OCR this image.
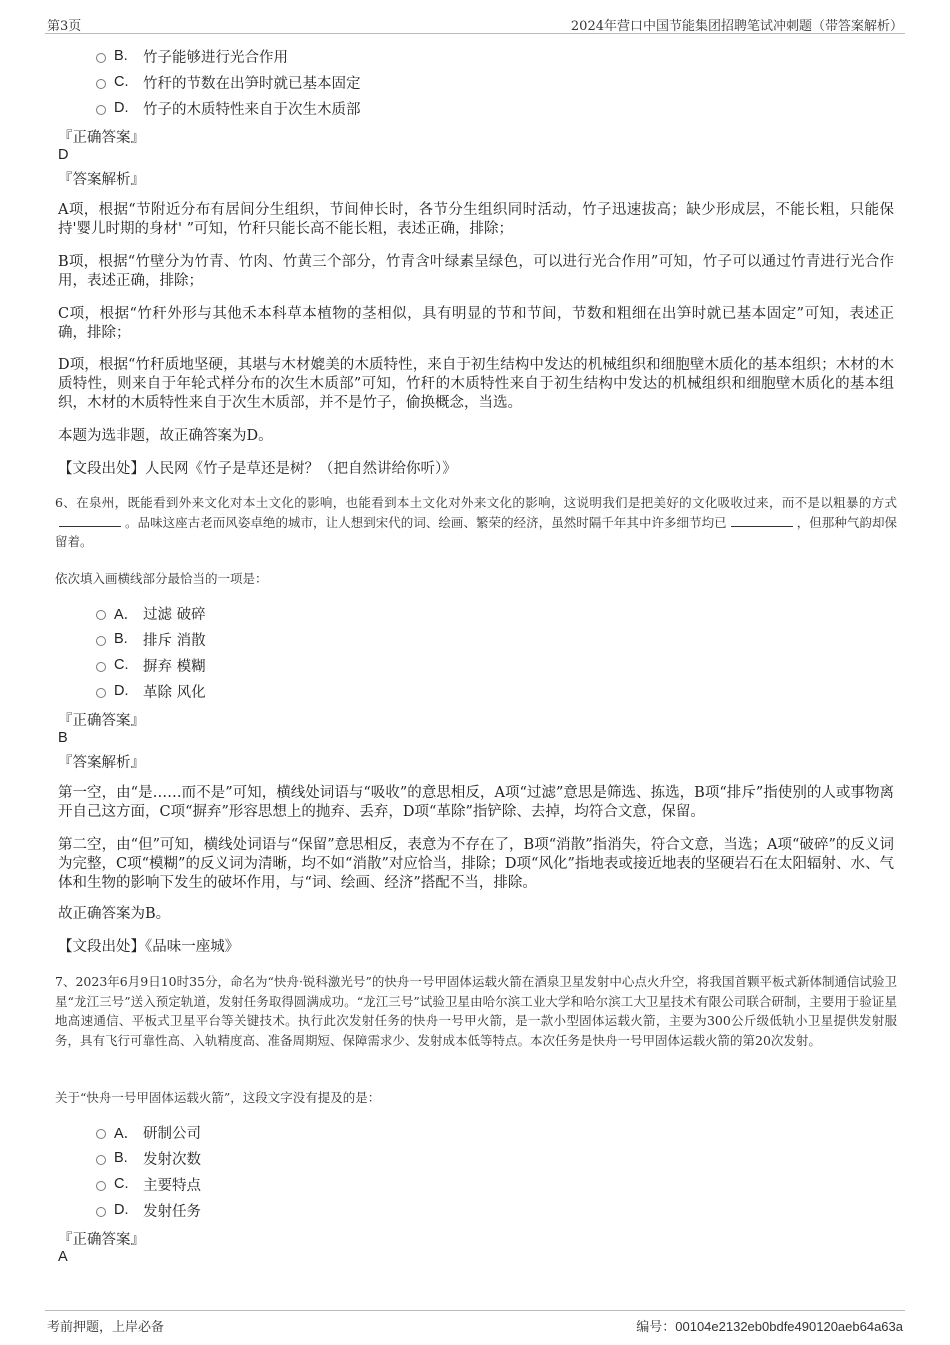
第3页	2024年营口中国节能集团招聘笔试冲刺题（带答案解析）
B.	竹子能够进行光合作用
C.	竹秆的节数在出笋时就已基本固定
D.	竹子的木质特性来自于次生木质部
『正确答案』
D
『答案解析』
A项，根据“节附近分布有居间分生组织，节间伸长时，各节分生组织同时活动，竹子迅速拔高；缺少形成层，不能长粗，只能保持'婴儿时期的身材' ”可知，竹秆只能长高不能长粗，表述正确，排除；
B项，根据“竹壁分为竹青、竹肉、竹黄三个部分，竹青含叶绿素呈绿色，可以进行光合作用”可知，竹子可以通过竹青进行光合作用，表述正确，排除；
C项，根据“竹秆外形与其他禾本科草本植物的茎相似，具有明显的节和节间，节数和粗细在出笋时就已基本固定”可知，表述正确，排除；
D项，根据“竹秆质地坚硬，其堪与木材媲美的木质特性，来自于初生结构中发达的机械组织和细胞壁木质化的基本组织；木材的木质特性，则来自于年轮式样分布的次生木质部”可知，竹秆的木质特性来自于初生结构中发达的机械组织和细胞壁木质化的基本组织，木材的木质特性来自于次生木质部，并不是竹子，偷换概念，当选。
本题为选非题，故正确答案为D。
【文段出处】人民网《竹子是草还是树？（把自然讲给你听）》
6、在泉州，既能看到外来文化对本土文化的影响，也能看到本土文化对外来文化的影响，这说明我们是把美好的文化吸收过来，而不是以粗暴的方式。品味这座古老而风姿卓绝的城市，让人想到宋代的词、绘画、繁荣的经济，虽然时隔千年其中许多细节均已	，但那种气韵却保留着。
依次填入画横线部分最恰当的一项是：
A． 过滤 破碎
B.	排斥 消散
C.	摒弃 模糊
D.	革除 风化
『正确答案』
B
『答案解析』
第一空，由“是……而不是”可知，横线处词语与“吸收”的意思相反，A项“过滤”意思是筛选、拣选，B项“排斥”指使别的人或事物离开自己这方面，C项“摒弃”形容思想上的抛弃、丢弃，D项“革除”指铲除、去掉，均符合文意，保留。
第二空，由“但”可知，横线处词语与“保留”意思相反，表意为不存在了，B项“消散”指消失，符合文意，当选；A项“破碎”的反义词为完整，C项“模糊”的反义词为清晰，均不如“消散”对应恰当，排除；D项“风化”指地表或接近地表的坚硬岩石在太阳辐射、水、气体和生物的影响下发生的破坏作用，与“词、绘画、经济”搭配不当，排除。
故正确答案为B。
【文段出处】《品味一座城》
7、2023年6月9日10时35分，命名为“快舟·锐科激光号”的快舟一号甲固体运载火箭在酒泉卫星发射中心点火升空，将我国首颗平板式新体制通信试验卫星“龙江三号”送入预定轨道，发射任务取得圆满成功。“龙江三号”试验卫星由哈尔滨工业大学和哈尔滨工大卫星技术有限公司联合研制，主要用于验证星地高速通信、平板式卫星平台等关键技术。执行此次发射任务的快舟一号甲火箭，是一款小型固体运载火箭，主要为300公斤级低轨小卫星提供发射服务，具有飞行可靠性高、入轨精度高、准备周期短、保障需求少、发射成本低等特点。本次任务是快舟一号甲固体运载火箭的第20次发射。
关于“快舟一号甲固体运载火箭”，这段文字没有提及的是：
A． 研制公司
B.	发射次数
C.	主要特点
D.	发射任务
『正确答案』
A
考前押题，上岸必备	编号：00104e2132eb0bdfe490120aeb64a63a
